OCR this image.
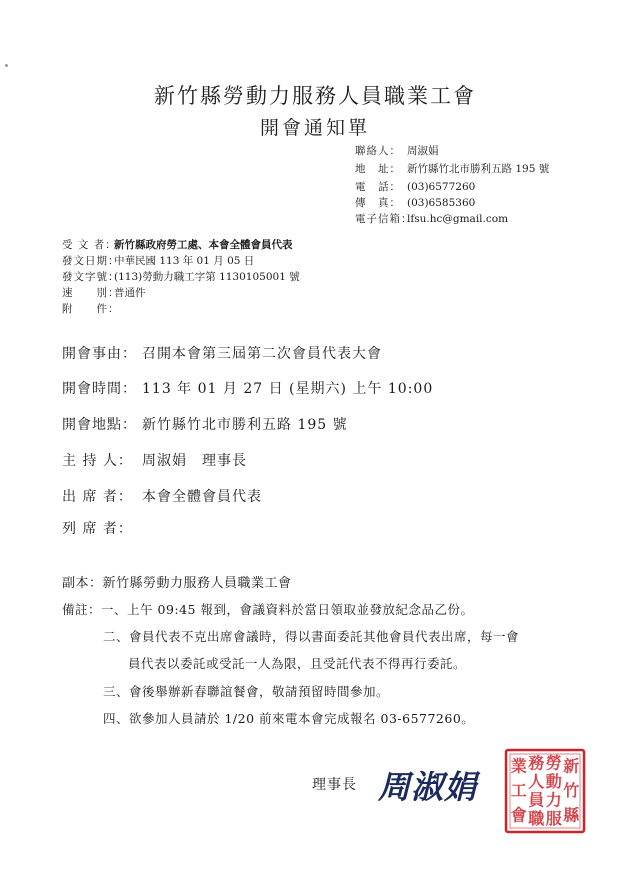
新竹縣勞動力服務人員職業工會
開會通知單
聯絡人： 周淑娟
地　址： 新竹縣竹北市勝利五路 195 號
電　話： (03)6577260
傳　真： (03)6585360
電子信箱：lfsu.hc@gmail.com
受 文 者：新竹縣政府勞工處、本會全體會員代表
發文日期：中華民國 113 年 01 月 05 日
發文字號：(113)勞動力職工字第 1130105001 號
速　　別：普通件
附　　件：
開會事由： 召開本會第三屆第二次會員代表大會
開會時間： 113 年 01 月 27 日 (星期六) 上午 10:00
開會地點： 新竹縣竹北市勝利五路 195 號
主 持 人： 周淑娟　理事長
出 席 者： 本會全體會員代表
列 席 者：
副本：新竹縣勞動力服務人員職業工會
備註：一、上午 09:45 報到，會議資料於當日領取並發放紀念品乙份。
二、會員代表不克出席會議時，得以書面委託其他會員代表出席，每一會
員代表以委託或受託一人為限，且受託代表不得再行委託。
三、會後舉辦新春聯誼餐會，敬請預留時間參加。
四、欲參加人員請於 1/20 前來電本會完成報名 03-6577260。
理事長 周淑娟
新
竹
縣
勞
動
力
服
務
人
員
職
業
工
會
